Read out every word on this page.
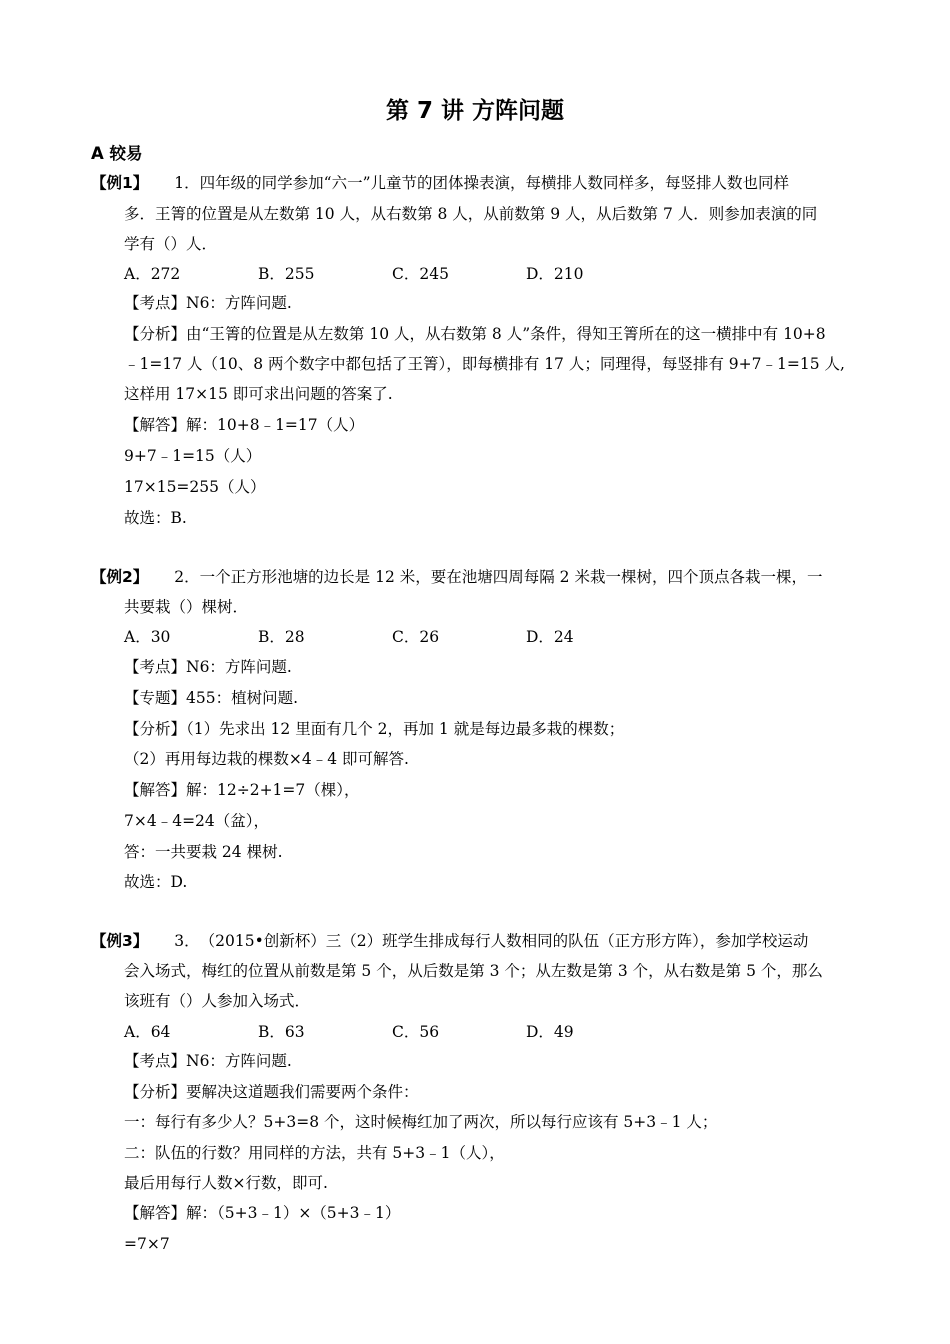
第 7 讲 方阵问题
A 较易
【例1】 1．四年级的同学参加“六一”儿童节的团体操表演，每横排人数同样多，每竖排人数也同样
多．王箐的位置是从左数第 10 人，从右数第 8 人，从前数第 9 人，从后数第 7 人．则参加表演的同
学有（）人．
A．272	B．255	C．245	D．210
【考点】N6：方阵问题.
【分析】由“王箐的位置是从左数第 10 人，从右数第 8 人”条件，得知王箐所在的这一横排中有 10+8
﹣1=17 人（10、8 两个数字中都包括了王箐），即每横排有 17 人；同理得，每竖排有 9+7﹣1=15 人,
这样用 17×15 即可求出问题的答案了.
【解答】解：10+8﹣1=17（人）
9+7﹣1=15（人）
17×15=255（人）
故选：B.
【例2】 2．一个正方形池塘的边长是 12 米，要在池塘四周每隔 2 米栽一棵树，四个顶点各栽一棵，一
共要栽（）棵树．
A．30	B．28	C．26	D．24
【考点】N6：方阵问题.
【专题】455：植树问题.
【分析】（1）先求出 12 里面有几个 2，再加 1 就是每边最多栽的棵数；
（2）再用每边栽的棵数×4﹣4 即可解答.
【解答】解：12÷2+1=7（棵），
7×4﹣4=24（盆），
答：一共要栽 24 棵树.
故选：D.
【例3】 3．（2015•创新杯）三（2）班学生排成每行人数相同的队伍（正方形方阵），参加学校运动
会入场式，梅红的位置从前数是第 5 个，从后数是第 3 个；从左数是第 3 个，从右数是第 5 个，那么
该班有（）人参加入场式．
A．64	B．63	C．56	D．49
【考点】N6：方阵问题.
【分析】要解决这道题我们需要两个条件：
一：每行有多少人？5+3=8 个，这时候梅红加了两次，所以每行应该有 5+3﹣1 人；
二：队伍的行数？用同样的方法，共有 5+3﹣1（人），
最后用每行人数×行数，即可.
【解答】解：（5+3﹣1）×（5+3﹣1）
=7×7
